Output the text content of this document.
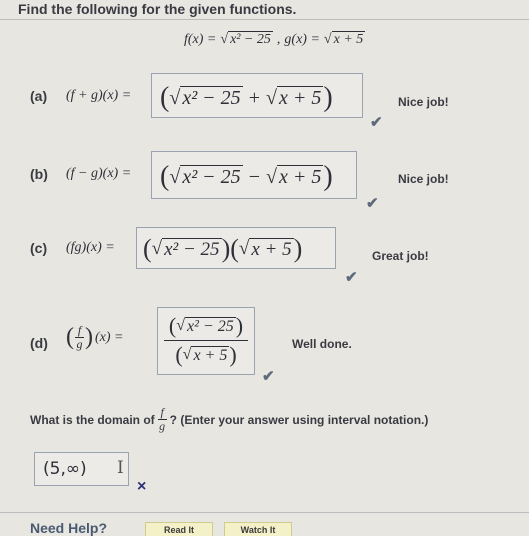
Find the following for the given functions.
f(x) = √ x² − 25 , g(x) = √ x + 5
(a) (f + g)(x) = ( √ x² − 25 + √ x + 5 )	Nice job!
✔
(b) (f − g)(x) = ( √ x² − 25 − √ x + 5 )	Nice job!
✔
(c) (fg)(x) = ( √ x² − 25 )( √ x + 5 )	Great job!
✔
(d) ( f
g ) (x) = ( √ x² − 25 )
( √ x + 5 )	Well done.
✔
What is the domain of
f
g ? (Enter your answer using interval notation.)
(5,∞) I
×
Need Help?	Read It	Watch It
